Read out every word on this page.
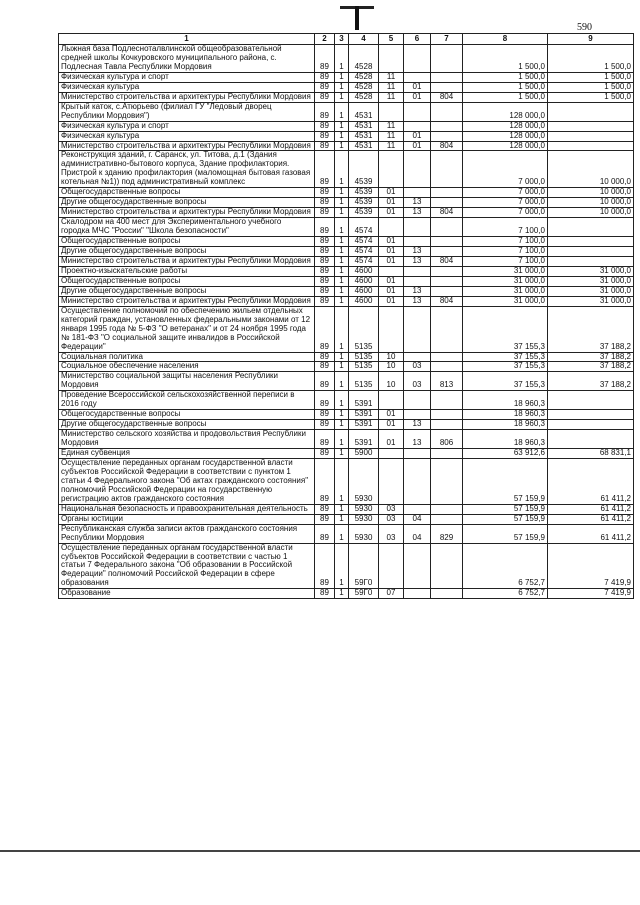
590
1	2	3	4	5	6	7	8	9
Лыжная база Подлесноталвлинской общеобразовательной средней школы Кочкуровского муниципального района, с. Подлесная Тавла Республики Мордовия	89	1	4528				1 500,0	1 500,0
Физическая культура и спорт	89	1	4528	11			1 500,0	1 500,0
Физическая культура	89	1	4528	11	01		1 500,0	1 500,0
Министерство строительства и архитектуры Республики Мордовия	89	1	4528	11	01	804	1 500,0	1 500,0
Крытый каток, с.Атюрьево (филиал ГУ "Ледовый дворец Республики Мордовия")	89	1	4531				128 000,0	
Физическая культура и спорт	89	1	4531	11			128 000,0	
Физическая культура	89	1	4531	11	01		128 000,0	
Министерство строительства и архитектуры Республики Мордовия	89	1	4531	11	01	804	128 000,0	
Реконструкция зданий, г. Саранск, ул. Титова, д.1 (Здания административно-бытового корпуса, Здание профилактория. Пристрой к зданию профилактория (маломощная бытовая газовая котельная №1)) под административный комплекс	89	1	4539				7 000,0	10 000,0
Общегосударственные вопросы	89	1	4539	01			7 000,0	10 000,0
Другие общегосударственные вопросы	89	1	4539	01	13		7 000,0	10 000,0
Министерство строительства и архитектуры Республики Мордовия	89	1	4539	01	13	804	7 000,0	10 000,0
Скалодром на 400 мест для Экспериментального учебного городка МЧС "России" "Школа безопасности"	89	1	4574				7 100,0	
Общегосударственные вопросы	89	1	4574	01			7 100,0	
Другие общегосударственные вопросы	89	1	4574	01	13		7 100,0	
Министерство строительства и архитектуры Республики Мордовия	89	1	4574	01	13	804	7 100,0	
Проектно-изыскательские работы	89	1	4600				31 000,0	31 000,0
Общегосударственные вопросы	89	1	4600	01			31 000,0	31 000,0
Другие общегосударственные вопросы	89	1	4600	01	13		31 000,0	31 000,0
Министерство строительства и архитектуры Республики Мордовия	89	1	4600	01	13	804	31 000,0	31 000,0
Осуществление полномочий по обеспечению жильем отдельных категорий граждан, установленных федеральными законами от 12 января 1995 года № 5-ФЗ "О ветеранах" и от 24 ноября 1995 года № 181-ФЗ "О социальной защите инвалидов в Российской Федерации"	89	1	5135				37 155,3	37 188,2
Социальная политика	89	1	5135	10			37 155,3	37 188,2
Социальное обеспечение населения	89	1	5135	10	03		37 155,3	37 188,2
Министерство социальной защиты населения Республики Мордовия	89	1	5135	10	03	813	37 155,3	37 188,2
Проведение Всероссийской сельскохозяйственной переписи в 2016 году	89	1	5391				18 960,3	
Общегосударственные вопросы	89	1	5391	01			18 960,3	
Другие общегосударственные вопросы	89	1	5391	01	13		18 960,3	
Министерство сельского хозяйства и продовольствия Республики Мордовия	89	1	5391	01	13	806	18 960,3	
Единая субвенция	89	1	5900				63 912,6	68 831,1
Осуществление переданных органам государственной власти субъектов Российской Федерации в соответствии с пунктом 1 статьи 4 Федерального закона "Об актах гражданского состояния" полномочий Российской Федерации на государственную регистрацию актов гражданского состояния	89	1	5930				57 159,9	61 411,2
Национальная безопасность и правоохранительная деятельность	89	1	5930	03			57 159,9	61 411,2
Органы юстиции	89	1	5930	03	04		57 159,9	61 411,2
Республиканская служба записи актов гражданского состояния Республики Мордовия	89	1	5930	03	04	829	57 159,9	61 411,2
Осуществление переданных органам государственной власти субъектов Российской Федерации в соответствии с частью 1 статьи 7 Федерального закона "Об образовании в Российской Федерации" полномочий Российской Федерации в сфере образования	89	1	59Г0				6 752,7	7 419,9
Образование	89	1	59Г0	07			6 752,7	7 419,9
